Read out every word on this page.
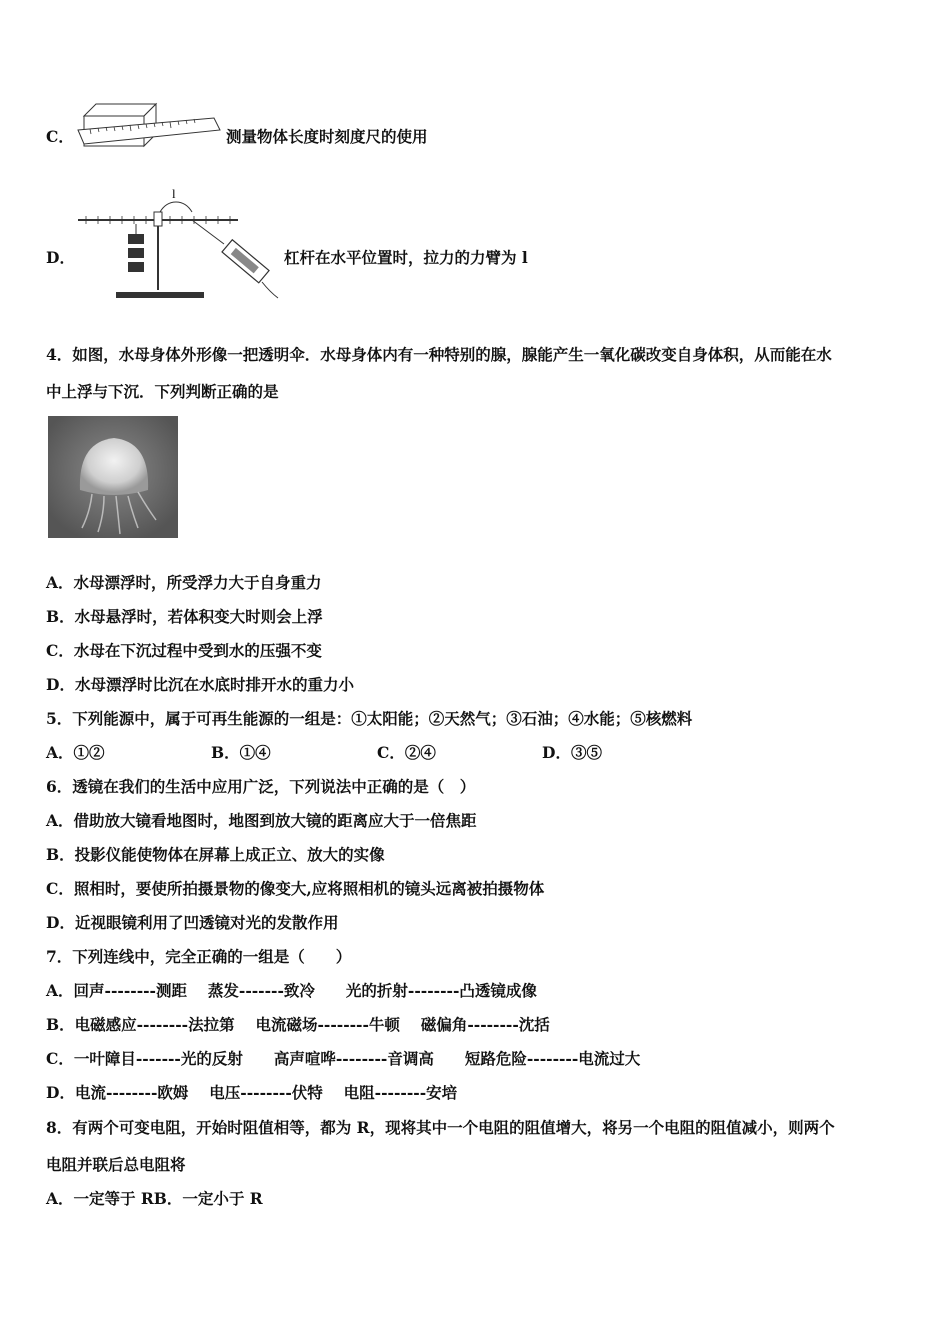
C．	测量物体长度时刻度尺的使用
D．
l
杠杆在水平位置时，拉力的力臂为 l
4．如图，水母身体外形像一把透明伞．水母身体内有一种特别的腺，腺能产生一氧化碳改变自身体积，从而能在水
中上浮与下沉．下列判断正确的是
A．水母漂浮时，所受浮力大于自身重力
B．水母悬浮时，若体积变大时则会上浮
C．水母在下沉过程中受到水的压强不变
D．水母漂浮时比沉在水底时排开水的重力小
5．下列能源中，属于可再生能源的一组是：①太阳能；②天然气；③石油；④水能；⑤核燃料
A．①②	B．①④	C．②④	D．③⑤
6．透镜在我们的生活中应用广泛，下列说法中正确的是（　）
A．借助放大镜看地图时，地图到放大镜的距离应大于一倍焦距
B．投影仪能使物体在屏幕上成正立、放大的实像
C．照相时，要使所拍摄景物的像变大,应将照相机的镜头远离被拍摄物体
D．近视眼镜利用了凹透镜对光的发散作用
7．下列连线中，完全正确的一组是（　　）
A．回声--------测距　 蒸发-------致冷　　光的折射--------凸透镜成像
B．电磁感应--------法拉第　 电流磁场--------牛顿　 磁偏角--------沈括
C．一叶障目-------光的反射　　高声喧哗--------音调高　　短路危险--------电流过大
D．电流--------欧姆　 电压--------伏特　 电阻--------安培
8．有两个可变电阻，开始时阻值相等，都为 R，现将其中一个电阻的阻值增大，将另一个电阻的阻值减小，则两个
电阻并联后总电阻将
A．一定等于 RB．一定小于 R
